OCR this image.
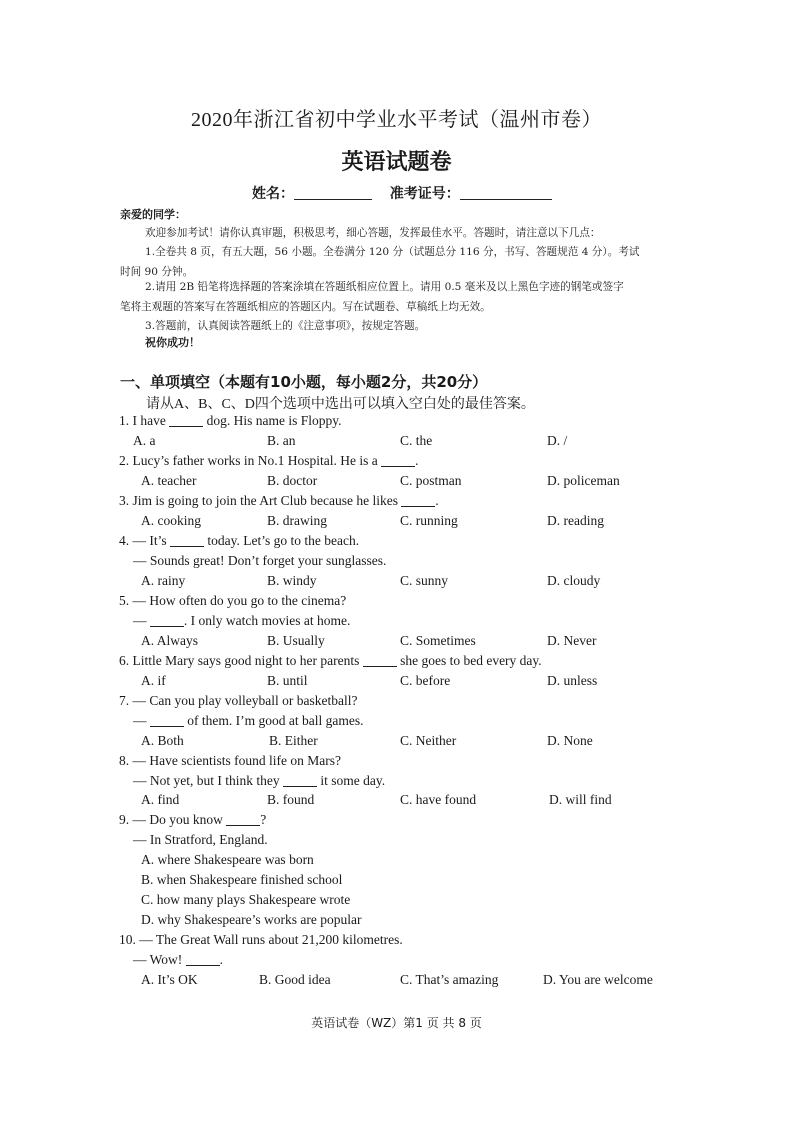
2020年浙江省初中学业水平考试（温州市卷）
英语试题卷
姓名：	准考证号：
亲爱的同学：
欢迎参加考试！请你认真审题，积极思考，细心答题，发挥最佳水平。答题时，请注意以下几点：
1.全卷共 8 页，有五大题，56 小题。全卷满分 120 分（试题总分 116 分，书写、答题规范 4 分）。考试
时间 90 分钟。
2.请用 2B 铅笔将选择题的答案涂填在答题纸相应位置上。请用 0.5 毫米及以上黑色字迹的钢笔或签字
笔将主观题的答案写在答题纸相应的答题区内。写在试题卷、草稿纸上均无效。
3.答题前，认真阅读答题纸上的《注意事项》，按规定答题。
祝你成功！
一、单项填空（本题有10小题，每小题2分，共20分）
请从A、B、C、D四个选项中选出可以填入空白处的最佳答案。
1. I have	dog. His name is Floppy.
A. a	B. an	C. the	D. /
2. Lucy’s father works in No.1 Hospital. He is a	.
A. teacher	B. doctor	C. postman	D. policeman
3. Jim is going to join the Art Club because he likes	.
A. cooking	B. drawing	C. running	D. reading
4. — It’s	today. Let’s go to the beach.
— Sounds great! Don’t forget your sunglasses.
A. rainy	B. windy	C. sunny	D. cloudy
5. — How often do you go to the cinema?
—	. I only watch movies at home.
A. Always	B. Usually	C. Sometimes	D. Never
6. Little Mary says good night to her parents	she goes to bed every day.
A. if	B. until	C. before	D. unless
7. — Can you play volleyball or basketball?
—	of them. I’m good at ball games.
A. Both	B. Either	C. Neither	D. None
8. — Have scientists found life on Mars?
— Not yet, but I think they	it some day.
A. find	B. found	C. have found	D. will find
9. — Do you know	?
— In Stratford, England.
A. where Shakespeare was born
B. when Shakespeare finished school
C. how many plays Shakespeare wrote
D. why Shakespeare’s works are popular
10. — The Great Wall runs about 21,200 kilometres.
— Wow!	.
A. It’s OK	B. Good idea	C. That’s amazing	D. You are welcome
英语试卷（WZ）第1 页 共 8 页
